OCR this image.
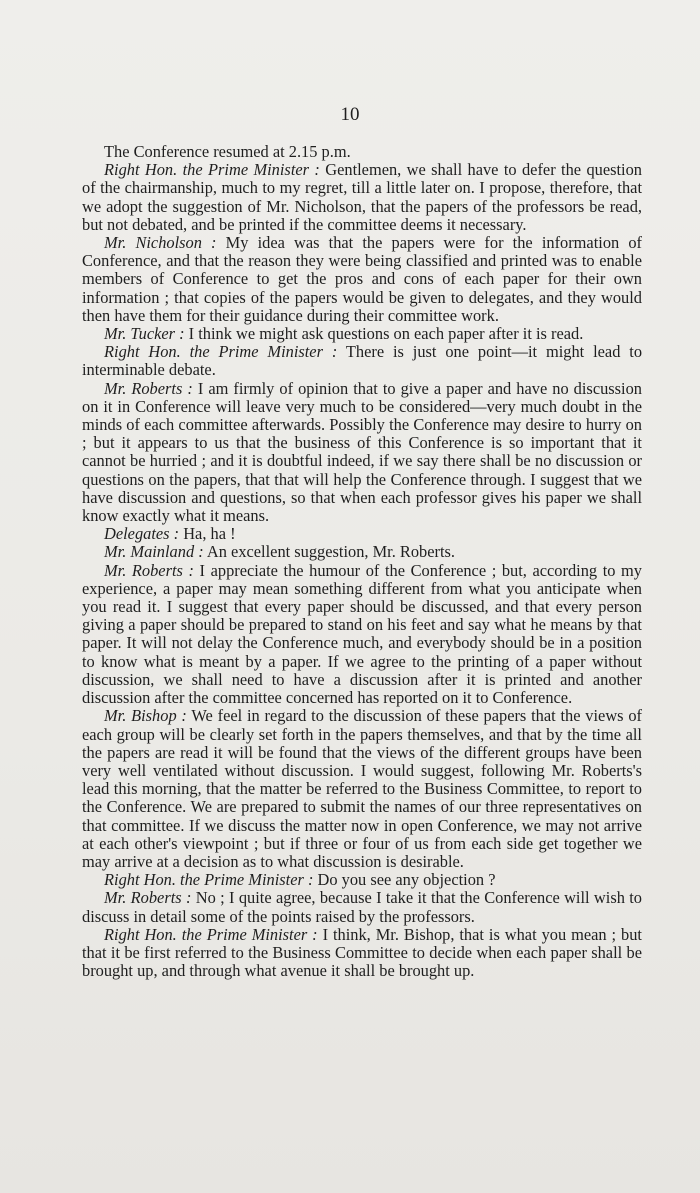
10

The Conference resumed at 2.15 p.m.

Right Hon. the Prime Minister : Gentlemen, we shall have to defer the question of the chairmanship, much to my regret, till a little later on. I propose, therefore, that we adopt the suggestion of Mr. Nicholson, that the papers of the professors be read, but not debated, and be printed if the committee deems it necessary.

Mr. Nicholson : My idea was that the papers were for the information of Conference, and that the reason they were being classified and printed was to enable members of Conference to get the pros and cons of each paper for their own information ; that copies of the papers would be given to delegates, and they would then have them for their guidance during their committee work.

Mr. Tucker : I think we might ask questions on each paper after it is read.

Right Hon. the Prime Minister : There is just one point—it might lead to interminable debate.

Mr. Roberts : I am firmly of opinion that to give a paper and have no discussion on it in Conference will leave very much to be considered—very much doubt in the minds of each committee afterwards. Possibly the Conference may desire to hurry on ; but it appears to us that the business of this Conference is so important that it cannot be hurried ; and it is doubtful indeed, if we say there shall be no discussion or questions on the papers, that that will help the Conference through. I suggest that we have discussion and questions, so that when each professor gives his paper we shall know exactly what it means.

Delegates : Ha, ha !

Mr. Mainland : An excellent suggestion, Mr. Roberts.

Mr. Roberts : I appreciate the humour of the Conference ; but, according to my experience, a paper may mean something different from what you anticipate when you read it. I suggest that every paper should be discussed, and that every person giving a paper should be prepared to stand on his feet and say what he means by that paper. It will not delay the Conference much, and everybody should be in a position to know what is meant by a paper. If we agree to the printing of a paper without discussion, we shall need to have a discussion after it is printed and another discussion after the committee concerned has reported on it to Conference.

Mr. Bishop : We feel in regard to the discussion of these papers that the views of each group will be clearly set forth in the papers themselves, and that by the time all the papers are read it will be found that the views of the different groups have been very well ventilated without discussion. I would suggest, following Mr. Roberts's lead this morning, that the matter be referred to the Business Committee, to report to the Conference. We are prepared to submit the names of our three representatives on that committee. If we discuss the matter now in open Conference, we may not arrive at each other's viewpoint ; but if three or four of us from each side get together we may arrive at a decision as to what discussion is desirable.

Right Hon. the Prime Minister : Do you see any objection ?

Mr. Roberts : No ; I quite agree, because I take it that the Conference will wish to discuss in detail some of the points raised by the professors.

Right Hon. the Prime Minister : I think, Mr. Bishop, that is what you mean ; but that it be first referred to the Business Committee to decide when each paper shall be brought up, and through what avenue it shall be brought up.
